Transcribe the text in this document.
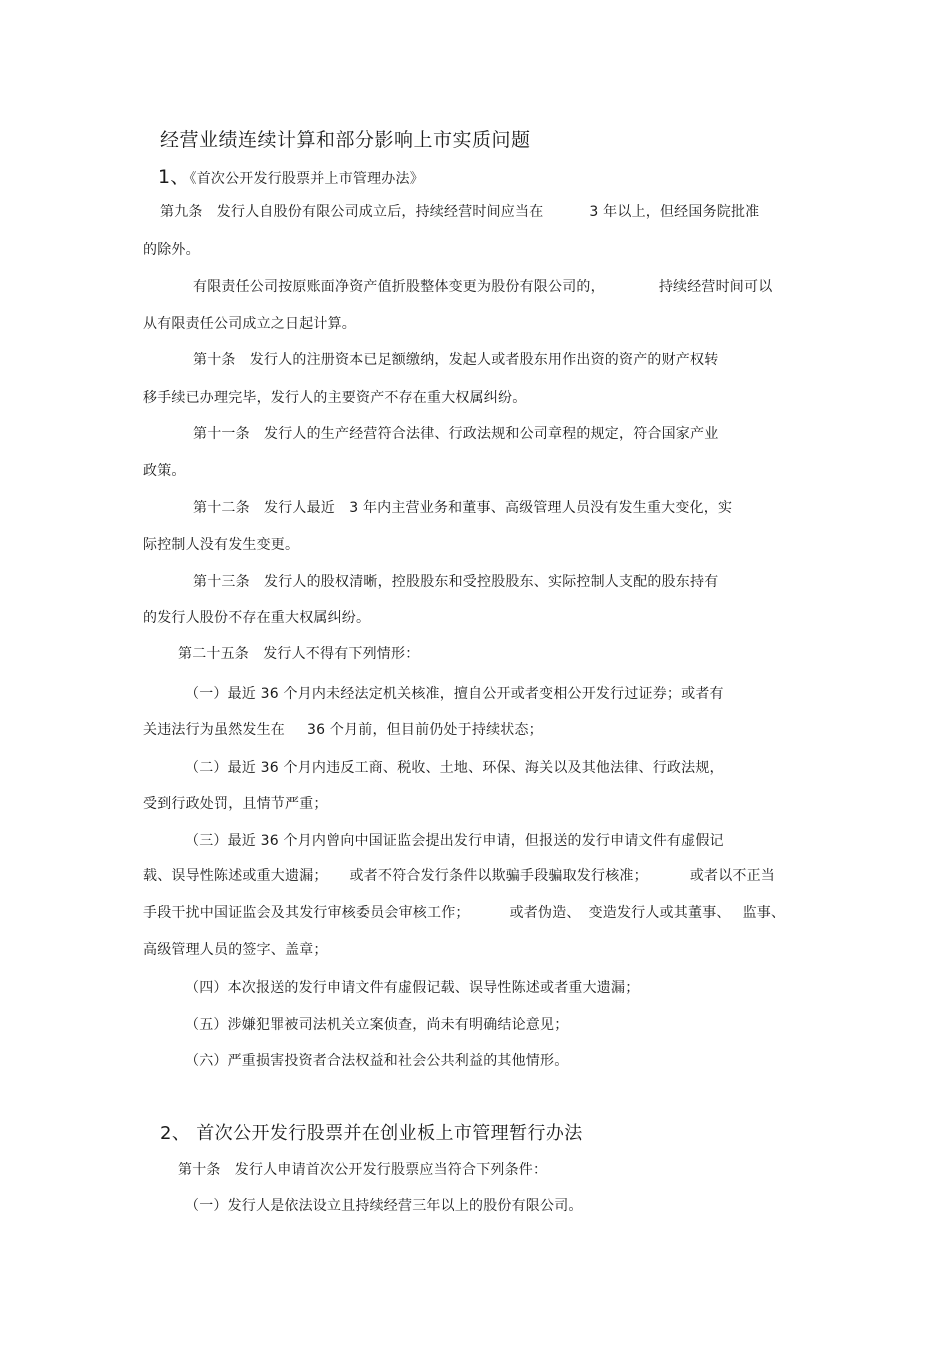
经营业绩连续计算和部分影响上市实质问题
1、《首次公开发行股票并上市管理办法》
第九条　发行人自股份有限公司成立后，持续经营时间应当在	3 年以上，但经国务院批准
的除外。
有限责任公司按原账面净资产值折股整体变更为股份有限公司的，	持续经营时间可以
从有限责任公司成立之日起计算。
第十条　发行人的注册资本已足额缴纳，发起人或者股东用作出资的资产的财产权转
移手续已办理完毕，发行人的主要资产不存在重大权属纠纷。
第十一条　发行人的生产经营符合法律、行政法规和公司章程的规定，符合国家产业
政策。
第十二条　发行人最近　3 年内主营业务和董事、高级管理人员没有发生重大变化，实
际控制人没有发生变更。
第十三条　发行人的股权清晰，控股股东和受控股股东、实际控制人支配的股东持有
的发行人股份不存在重大权属纠纷。
第二十五条　发行人不得有下列情形：
（一）最近 36 个月内未经法定机关核准，擅自公开或者变相公开发行过证券；或者有
关违法行为虽然发生在 36 个月前，但目前仍处于持续状态；
（二）最近 36 个月内违反工商、税收、土地、环保、海关以及其他法律、行政法规，
受到行政处罚，且情节严重；
（三）最近 36 个月内曾向中国证监会提出发行申请，但报送的发行申请文件有虚假记
载、误导性陈述或重大遗漏； 或者不符合发行条件以欺骗手段骗取发行核准；	或者以不正当
手段干扰中国证监会及其发行审核委员会审核工作；	或者伪造、 变造发行人或其董事、 监事、
高级管理人员的签字、盖章；
（四）本次报送的发行申请文件有虚假记载、误导性陈述或者重大遗漏；
（五）涉嫌犯罪被司法机关立案侦查，尚未有明确结论意见；
（六）严重损害投资者合法权益和社会公共利益的其他情形。
2、 首次公开发行股票并在创业板上市管理暂行办法
第十条　发行人申请首次公开发行股票应当符合下列条件：
（一）发行人是依法设立且持续经营三年以上的股份有限公司。
